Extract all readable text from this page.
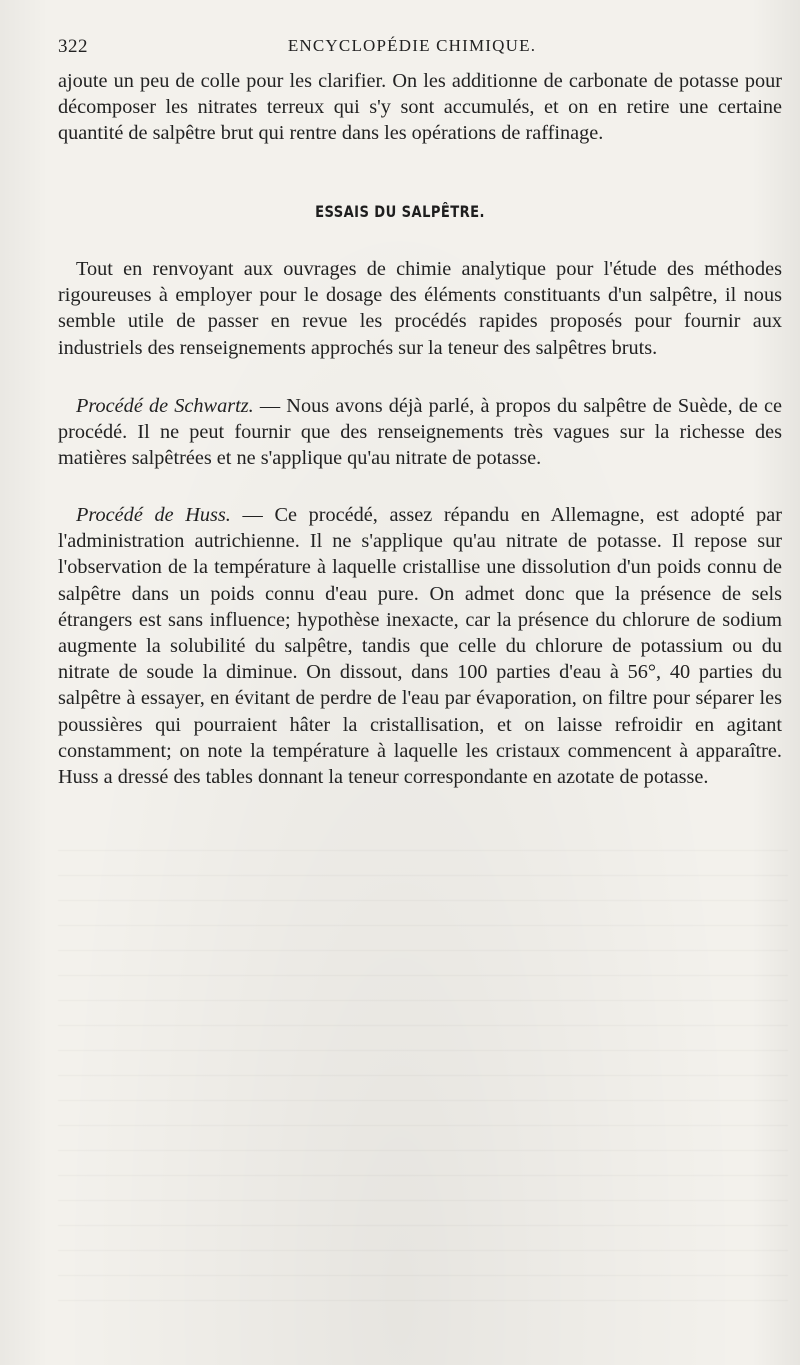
322	ENCYCLOPÉDIE CHIMIQUE.

ajoute un peu de colle pour les clarifier. On les additionne de carbonate de potasse pour décomposer les nitrates terreux qui s'y sont accumulés, et on en retire une certaine quantité de salpêtre brut qui rentre dans les opérations de raffinage.

ESSAIS DU SALPÊTRE.

Tout en renvoyant aux ouvrages de chimie analytique pour l'étude des méthodes rigoureuses à employer pour le dosage des éléments constituants d'un salpêtre, il nous semble utile de passer en revue les procédés rapides proposés pour fournir aux industriels des renseignements approchés sur la teneur des salpêtres bruts.

Procédé de Schwartz. — Nous avons déjà parlé, à propos du salpêtre de Suède, de ce procédé. Il ne peut fournir que des renseignements très vagues sur la richesse des matières salpêtrées et ne s'applique qu'au nitrate de potasse.

Procédé de Huss. — Ce procédé, assez répandu en Allemagne, est adopté par l'administration autrichienne. Il ne s'applique qu'au nitrate de potasse. Il repose sur l'observation de la température à laquelle cristallise une dissolution d'un poids connu de salpêtre dans un poids connu d'eau pure. On admet donc que la présence de sels étrangers est sans influence; hypothèse inexacte, car la présence du chlorure de sodium augmente la solubilité du salpêtre, tandis que celle du chlorure de potassium ou du nitrate de soude la diminue. On dissout, dans 100 parties d'eau à 56°, 40 parties du salpêtre à essayer, en évitant de perdre de l'eau par évaporation, on filtre pour séparer les poussières qui pourraient hâter la cristallisation, et on laisse refroidir en agitant constamment; on note la température à laquelle les cristaux commencent à apparaître. Huss a dressé des tables donnant la teneur correspondante en azotate de potasse.
